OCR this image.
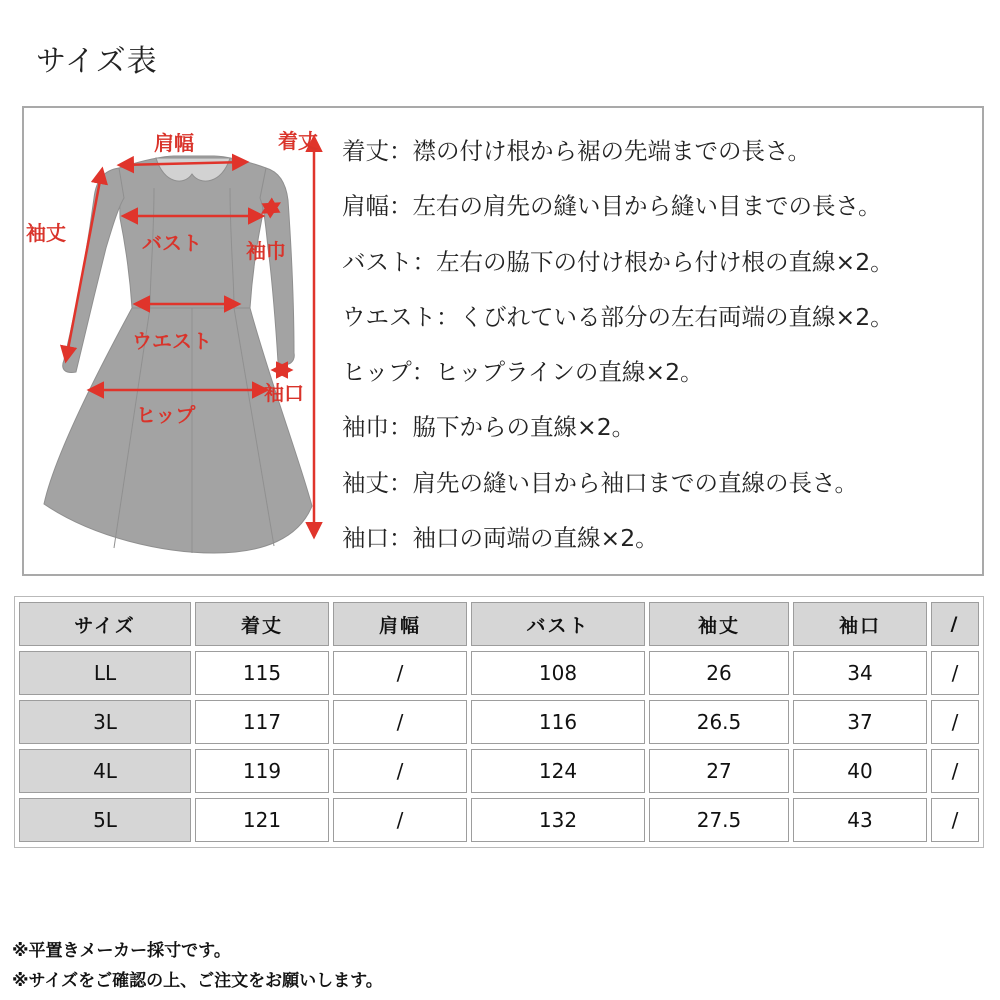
サイズ表
肩幅	着丈
袖丈	バスト 袖巾
ウエスト
袖口
ヒップ
着丈：襟の付け根から裾の先端までの長さ。
肩幅：左右の肩先の縫い目から縫い目までの長さ。
バスト：左右の脇下の付け根から付け根の直線×2。
ウエスト：くびれている部分の左右両端の直線×2。
ヒップ：ヒップラインの直線×2。
袖巾：脇下からの直線×2。
袖丈：肩先の縫い目から袖口までの直線の長さ。
袖口：袖口の両端の直線×2。
サイズ	着丈	肩幅	バスト	袖丈	袖口	/
LL	115	/	108	26	34	/
3L	117	/	116	26.5	37	/
4L	119	/	124	27	40	/
5L	121	/	132	27.5	43	/
※平置きメーカー採寸です。
※サイズをご確認の上、ご注文をお願いします。
